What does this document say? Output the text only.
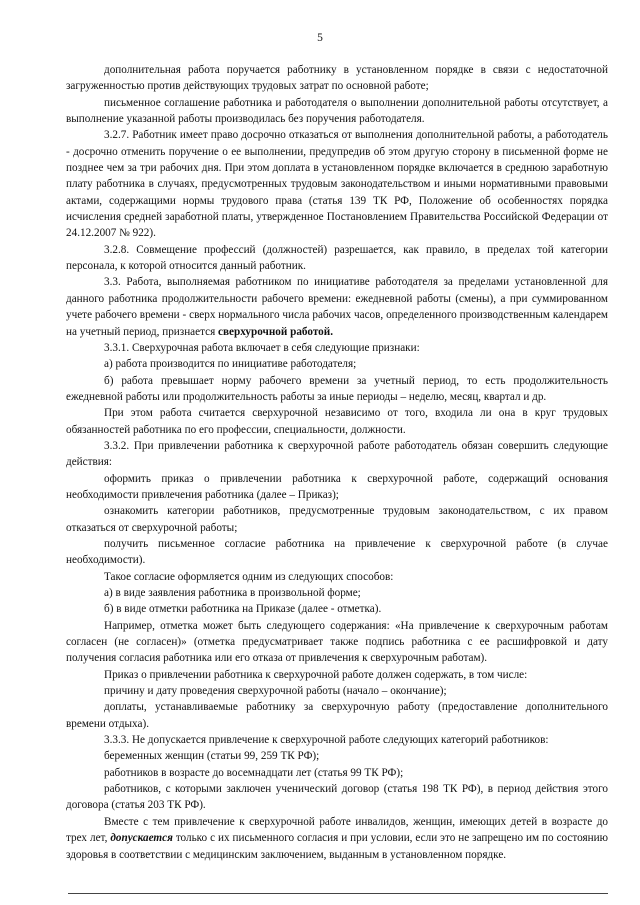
5

дополнительная работа поручается работнику в установленном порядке в связи с недостаточной загруженностью против действующих трудовых затрат по основной работе;

письменное соглашение работника и работодателя о выполнении дополнительной работы отсутствует, а выполнение указанной работы производилась без поручения работодателя.

3.2.7. Работник имеет право досрочно отказаться от выполнения дополнительной работы, а работодатель - досрочно отменить поручение о ее выполнении, предупредив об этом другую сторону в письменной форме не позднее чем за три рабочих дня. При этом доплата в установленном порядке включается в среднюю заработную плату работника в случаях, предусмотренных трудовым законодательством и иными нормативными правовыми актами, содержащими нормы трудового права (статья 139 ТК РФ, Положение об особенностях порядка исчисления средней заработной платы, утвержденное Постановлением Правительства Российской Федерации от 24.12.2007 № 922).

3.2.8. Совмещение профессий (должностей) разрешается, как правило, в пределах той категории персонала, к которой относится данный работник.

3.3. Работа, выполняемая работником по инициативе работодателя за пределами установленной для данного работника продолжительности рабочего времени: ежедневной работы (смены), а при суммированном учете рабочего времени - сверх нормального числа рабочих часов, определенного производственным календарем на учетный период, признается сверхурочной работой.

3.3.1. Сверхурочная работа включает в себя следующие признаки:

а) работа производится по инициативе работодателя;

б) работа превышает норму рабочего времени за учетный период, то есть продолжительность ежедневной работы или продолжительность работы за иные периоды – неделю, месяц, квартал и др.

При этом работа считается сверхурочной независимо от того, входила ли она в круг трудовых обязанностей работника по его профессии, специальности, должности.

3.3.2. При привлечении работника к сверхурочной работе работодатель обязан совершить следующие действия:

оформить приказ о привлечении работника к сверхурочной работе, содержащий основания необходимости привлечения работника (далее – Приказ);

ознакомить категории работников, предусмотренные трудовым законодательством, с их правом отказаться от сверхурочной работы;

получить письменное согласие работника на привлечение к сверхурочной работе (в случае необходимости).

Такое согласие оформляется одним из следующих способов:

а) в виде заявления работника в произвольной форме;

б) в виде отметки работника на Приказе (далее - отметка).

Например, отметка может быть следующего содержания: «На привлечение к сверхурочным работам согласен (не согласен)» (отметка предусматривает также подпись работника с ее расшифровкой и дату получения согласия работника или его отказа от привлечения к сверхурочным работам).

Приказ о привлечении работника к сверхурочной работе должен содержать, в том числе:

причину и дату проведения сверхурочной работы (начало – окончание);

доплаты, устанавливаемые работнику за сверхурочную работу (предоставление дополнительного времени отдыха).

3.3.3. Не допускается привлечение к сверхурочной работе следующих категорий работников:

беременных женщин (статьи 99, 259 ТК РФ);

работников в возрасте до восемнадцати лет (статья 99 ТК РФ);

работников, с которыми заключен ученический договор (статья 198 ТК РФ), в период действия этого договора (статья 203 ТК РФ).

Вместе с тем привлечение к сверхурочной работе инвалидов, женщин, имеющих детей в возрасте до трех лет, допускается только с их письменного согласия и при условии, если это не запрещено им по состоянию здоровья в соответствии с медицинским заключением, выданным в установленном порядке.
